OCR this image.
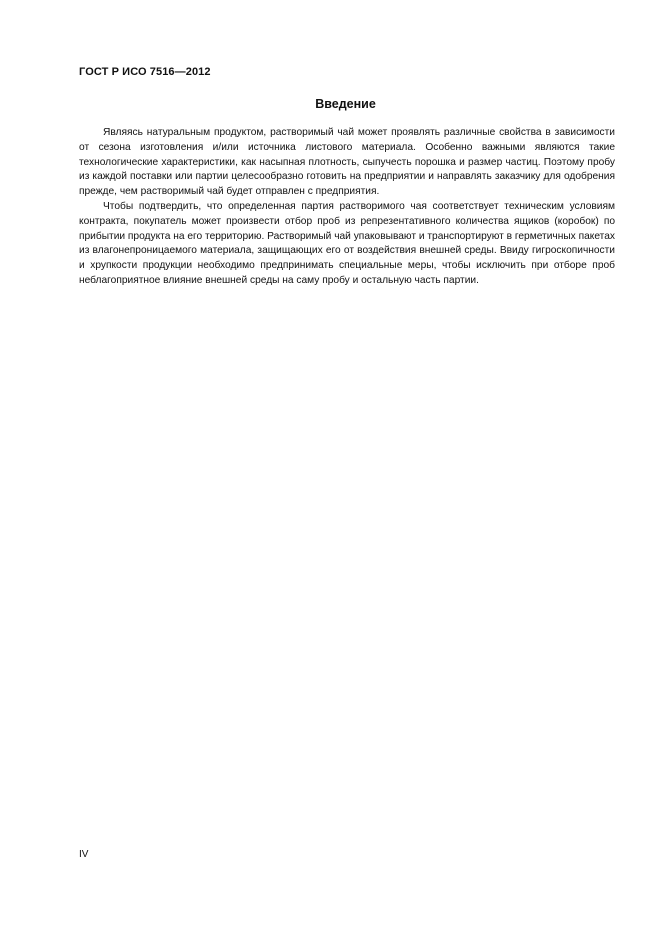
ГОСТ Р ИСО 7516—2012
Введение

Являясь натуральным продуктом, растворимый чай может проявлять различные свойства в зависимости от сезона изготовления и/или источника листового материала. Особенно важными являются такие технологические характеристики, как насыпная плотность, сыпучесть порошка и размер частиц. Поэтому пробу из каждой поставки или партии целесообразно готовить на предприятии и направлять заказчику для одобрения прежде, чем растворимый чай будет отправлен с предприятия.

Чтобы подтвердить, что определенная партия растворимого чая соответствует техническим условиям контракта, покупатель может произвести отбор проб из репрезентативного количества ящиков (коробок) по прибытии продукта на его территорию. Растворимый чай упаковывают и транспортируют в герметичных пакетах из влагонепроницаемого материала, защищающих его от воздействия внешней среды. Ввиду гигроскопичности и хрупкости продукции необходимо предпринимать специальные меры, чтобы исключить при отборе проб неблагоприятное влияние внешней среды на саму пробу и остальную часть партии.

IV
